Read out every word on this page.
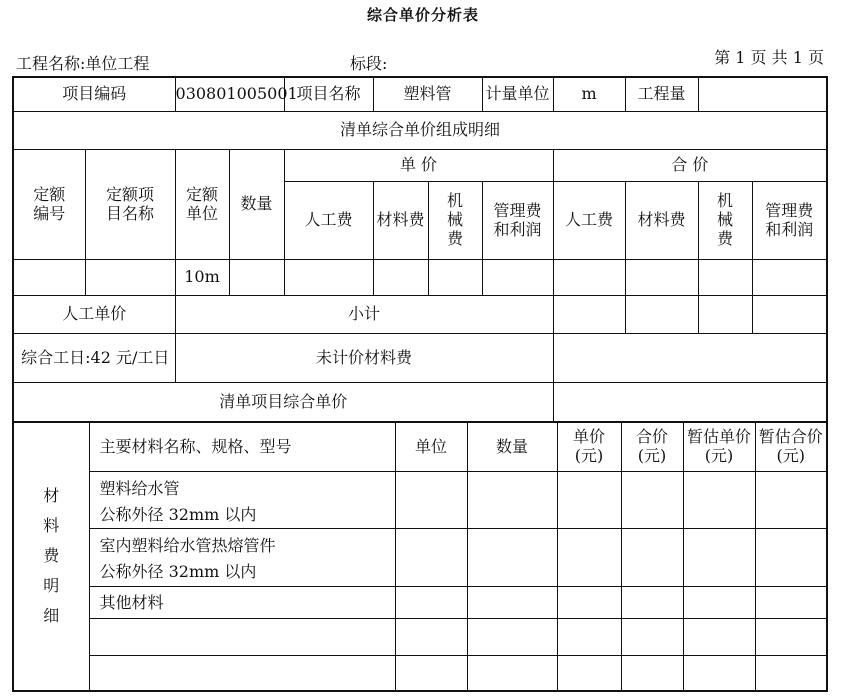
综合单价分析表
工程名称:单位工程	标段:	第 1 页 共 1 页
项目编码		030801005001		项目名称	塑料管		计量单位	m	工程量		
清单综合单价组成明细											
定额编号	定额项目名称	定额单位	数量	单 价				合 价			
				人工费	材料费	机械费	管理费和利润	人工费	材料费	机械费	管理费和利润
		10m									
人工单价		小计									
综合工日:42 元/工日		未计价材料费									
清单项目综合单价											
材料费明细	主要材料名称、规格、型号	单位	数量	单价(元)	合价(元)	暂估单价(元)	暂估合价(元)

	塑料给水管
公称外径 32mm 以内						

	室内塑料给水管热熔管件
公称外径 32mm 以内						

	其他材料						
